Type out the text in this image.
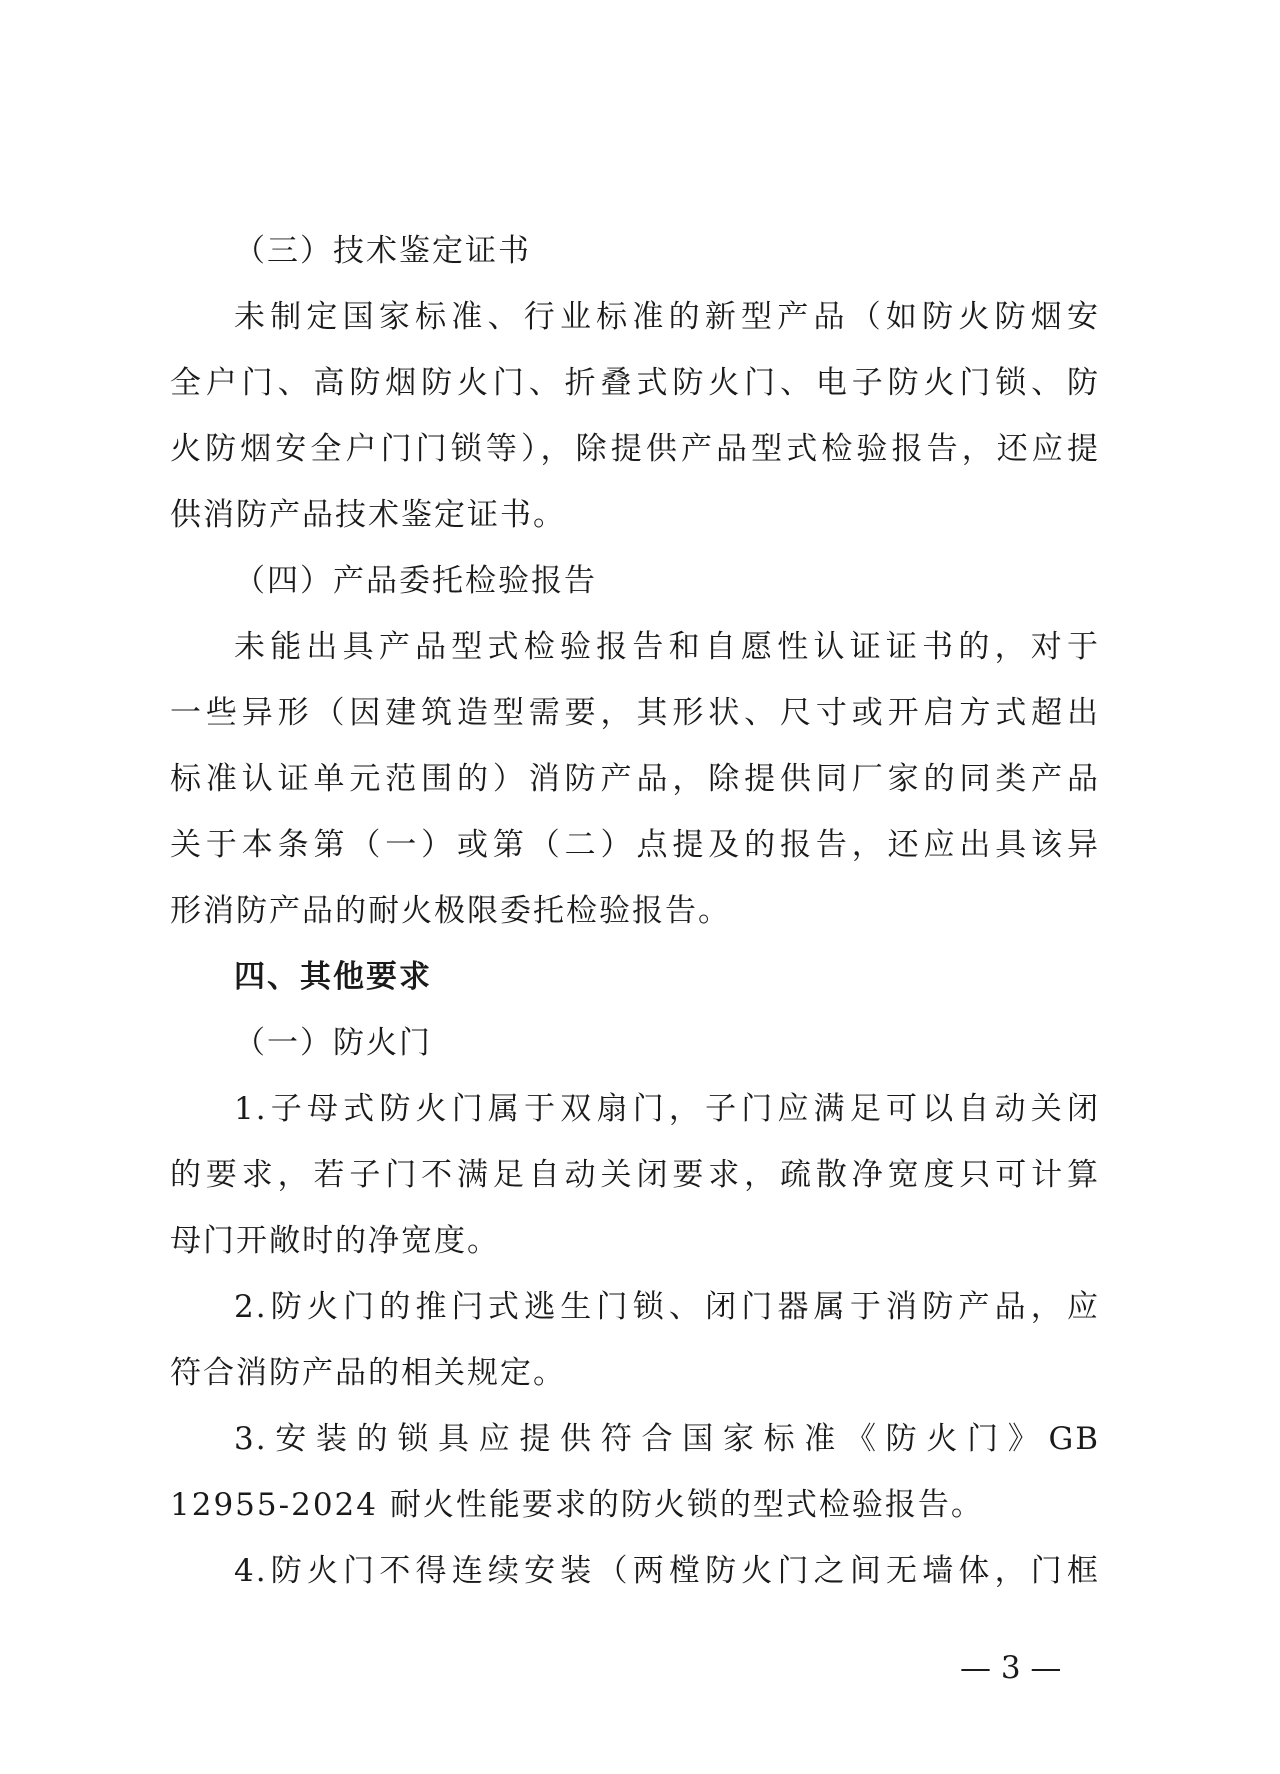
（三）技术鉴定证书
未制定国家标准、行业标准的新型产品（如防火防烟安
全户门、高防烟防火门、折叠式防火门、电子防火门锁、防
火防烟安全户门门锁等），除提供产品型式检验报告，还应提
供消防产品技术鉴定证书。
（四）产品委托检验报告
未能出具产品型式检验报告和自愿性认证证书的，对于
一些异形（因建筑造型需要，其形状、尺寸或开启方式超出
标准认证单元范围的）消防产品，除提供同厂家的同类产品
关于本条第（一）或第（二）点提及的报告，还应出具该异
形消防产品的耐火极限委托检验报告。
四、其他要求
（一）防火门
1.子母式防火门属于双扇门，子门应满足可以自动关闭
的要求，若子门不满足自动关闭要求，疏散净宽度只可计算
母门开敞时的净宽度。
2.防火门的推闩式逃生门锁、闭门器属于消防产品，应
符合消防产品的相关规定。
3.安装的锁具应提供符合国家标准《防火门》GB
12955-2024 耐火性能要求的防火锁的型式检验报告。
4.防火门不得连续安装（两樘防火门之间无墙体，门框
— 3 —
